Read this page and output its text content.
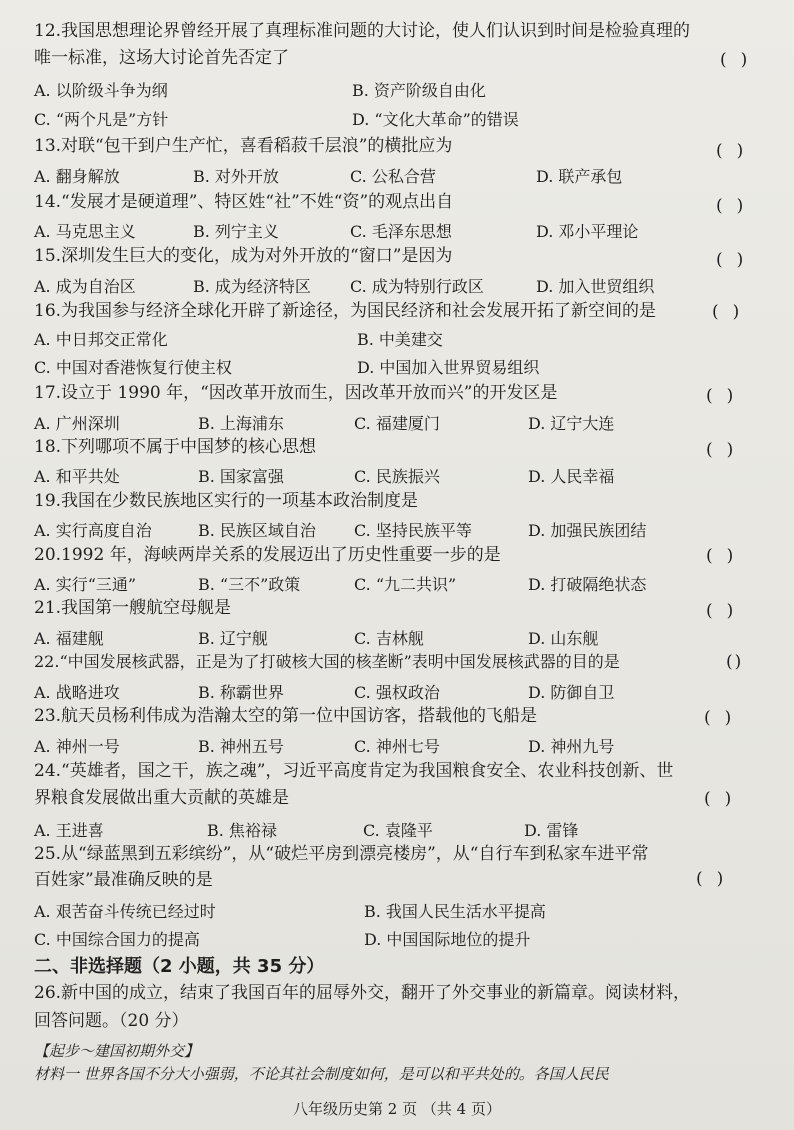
12.我国思想理论界曾经开展了真理标准问题的大讨论，使人们认识到时间是检验真理的
唯一标准，这场大讨论首先否定了	()
A. 以阶级斗争为纲	B. 资产阶级自由化
C. “两个凡是”方针	D. “文化大革命”的错误
13.对联“包干到户生产忙，喜看稻菽千层浪”的横批应为	()
A. 翻身解放	B. 对外开放	C. 公私合营	D. 联产承包
14.“发展才是硬道理”、特区姓“社”不姓“资”的观点出自	()
A. 马克思主义	B. 列宁主义	C. 毛泽东思想	D. 邓小平理论
15.深圳发生巨大的变化，成为对外开放的“窗口”是因为	()
A. 成为自治区	B. 成为经济特区 C. 成为特别行政区	D. 加入世贸组织
16.为我国参与经济全球化开辟了新途径，为国民经济和社会发展开拓了新空间的是	()
A. 中日邦交正常化	B. 中美建交
C. 中国对香港恢复行使主权	D. 中国加入世界贸易组织
17.设立于 1990 年，“因改革开放而生，因改革开放而兴”的开发区是	()
A. 广州深圳	B. 上海浦东	C. 福建厦门	D. 辽宁大连
18.下列哪项不属于中国梦的核心思想	()
A. 和平共处	B. 国家富强	C. 民族振兴	D. 人民幸福
19.我国在少数民族地区实行的一项基本政治制度是
A. 实行高度自治	B. 民族区域自治 C. 坚持民族平等	D. 加强民族团结
20.1992 年，海峡两岸关系的发展迈出了历史性重要一步的是	()
A. 实行“三通”	B. “三不”政策	C. “九二共识”	D. 打破隔绝状态
21.我国第一艘航空母舰是	()
A. 福建舰	B. 辽宁舰	C. 吉林舰	D. 山东舰
22.“中国发展核武器，正是为了打破核大国的核垄断”表明中国发展核武器的目的是	()
A. 战略进攻	B. 称霸世界	C. 强权政治	D. 防御自卫
23.航天员杨利伟成为浩瀚太空的第一位中国访客，搭载他的飞船是	()
A. 神州一号	B. 神州五号	C. 神州七号	D. 神州九号
24.“英雄者，国之干，族之魂”，习近平高度肯定为我国粮食安全、农业科技创新、世
界粮食发展做出重大贡献的英雄是	()
A. 王进喜	B. 焦裕禄	C. 袁隆平	D. 雷锋
25.从“绿蓝黑到五彩缤纷”，从“破烂平房到漂亮楼房”，从“自行车到私家车进平常
百姓家”最准确反映的是	()
A. 艰苦奋斗传统已经过时	B. 我国人民生活水平提高
C. 中国综合国力的提高	D. 中国国际地位的提升
二、非选择题（2 小题，共 35 分）
26.新中国的成立，结束了我国百年的屈辱外交，翻开了外交事业的新篇章。阅读材料，
回答问题。（20 分）
【起步～建国初期外交】
材料一 世界各国不分大小强弱，不论其社会制度如何，是可以和平共处的。各国人民民
八年级历史第 2 页 （共 4 页）
